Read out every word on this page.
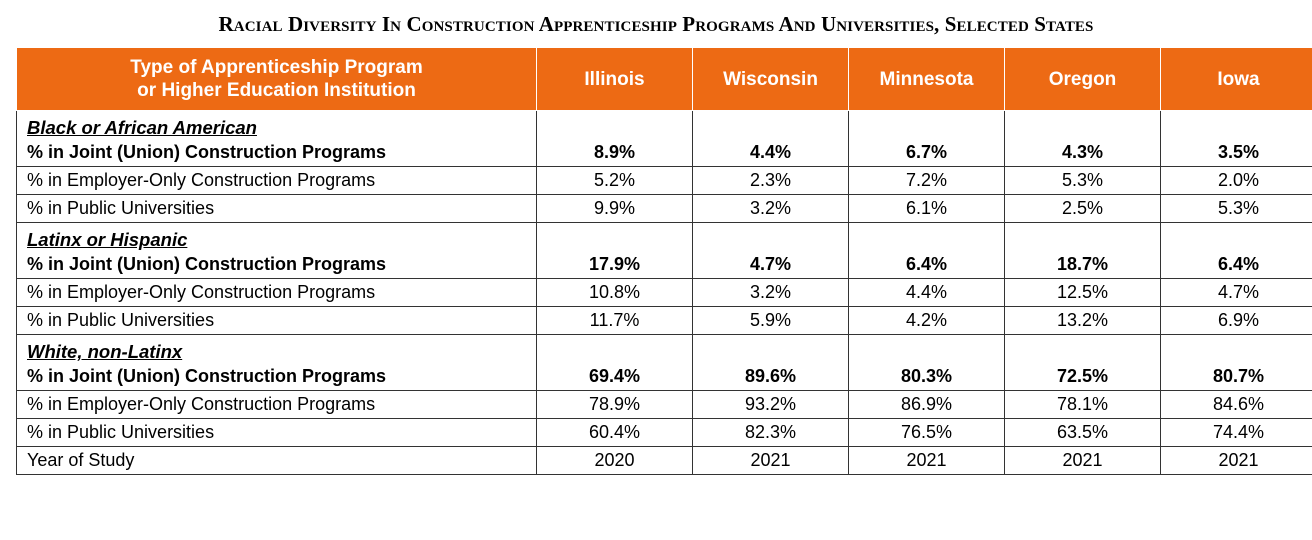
Racial Diversity In Construction Apprenticeship Programs And Universities, Selected States
Type of Apprenticeship Program
or Higher Education Institution	Illinois	Wisconsin	Minnesota	Oregon	Iowa
Black or African American					
% in Joint (Union) Construction Programs	8.9%	4.4%	6.7%	4.3%	3.5%
% in Employer-Only Construction Programs	5.2%	2.3%	7.2%	5.3%	2.0%
% in Public Universities	9.9%	3.2%	6.1%	2.5%	5.3%
Latinx or Hispanic					
% in Joint (Union) Construction Programs	17.9%	4.7%	6.4%	18.7%	6.4%
% in Employer-Only Construction Programs	10.8%	3.2%	4.4%	12.5%	4.7%
% in Public Universities	11.7%	5.9%	4.2%	13.2%	6.9%
White, non-Latinx					
% in Joint (Union) Construction Programs	69.4%	89.6%	80.3%	72.5%	80.7%
% in Employer-Only Construction Programs	78.9%	93.2%	86.9%	78.1%	84.6%
% in Public Universities	60.4%	82.3%	76.5%	63.5%	74.4%
Year of Study	2020	2021	2021	2021	2021
